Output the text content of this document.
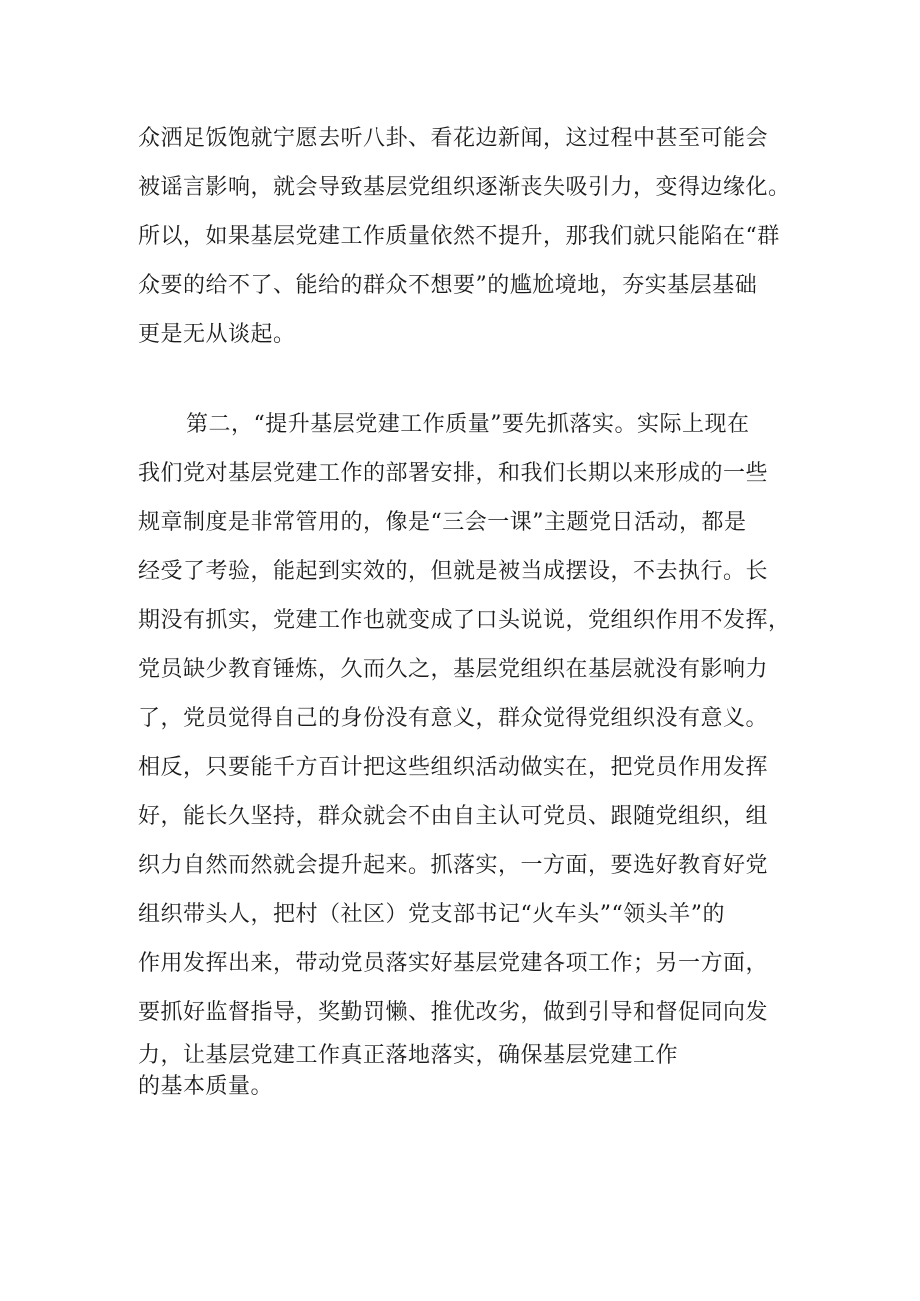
众洒足饭饱就宁愿去听八卦、看花边新闻，这过程中甚至可能会
被谣言影响，就会导致基层党组织逐渐丧失吸引力，变得边缘化。
所以，如果基层党建工作质量依然不提升，那我们就只能陷在“群
众要的给不了、能给的群众不想要”的尴尬境地，夯实基层基础
更是无从谈起。
第二，“提升基层党建工作质量”要先抓落实。实际上现在
我们党对基层党建工作的部署安排，和我们长期以来形成的一些
规章制度是非常管用的，像是“三会一课”主题党日活动，都是
经受了考验，能起到实效的，但就是被当成摆设，不去执行。长
期没有抓实，党建工作也就变成了口头说说，党组织作用不发挥，
党员缺少教育锤炼，久而久之，基层党组织在基层就没有影响力
了，党员觉得自己的身份没有意义，群众觉得党组织没有意义。
相反，只要能千方百计把这些组织活动做实在，把党员作用发挥
好，能长久坚持，群众就会不由自主认可党员、跟随党组织，组
织力自然而然就会提升起来。抓落实，一方面，要选好教育好党
组织带头人，把村（社区）党支部书记“火车头”“领头羊”的
作用发挥出来，带动党员落实好基层党建各项工作；另一方面，
要抓好监督指导，奖勤罚懒、推优改劣，做到引导和督促同向发
力，让基层党建工作真正落地落实，确保基层党建工作
的基本质量。
